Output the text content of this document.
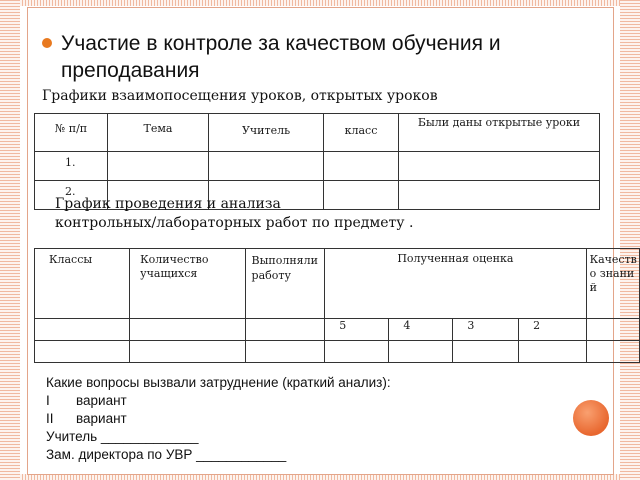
Участие в контроле за качеством обучения и преподавания
Графики взаимопосещения уроков, открытых уроков
№ п/п	Тема	Учитель	класс	Были даны открытые уроки
1.				
2.				
График проведения и анализа
контрольных/лабораторных работ по предмету .
Классы	Количество учащихся	Выполняли работу	Полученная оценка				Качество знаний
			5	4	3	2	

Какие вопросы вызвали затруднение (краткий анализ):
I       вариант
II      вариант
Учитель _____________
Зам. директора по УВР ____________
